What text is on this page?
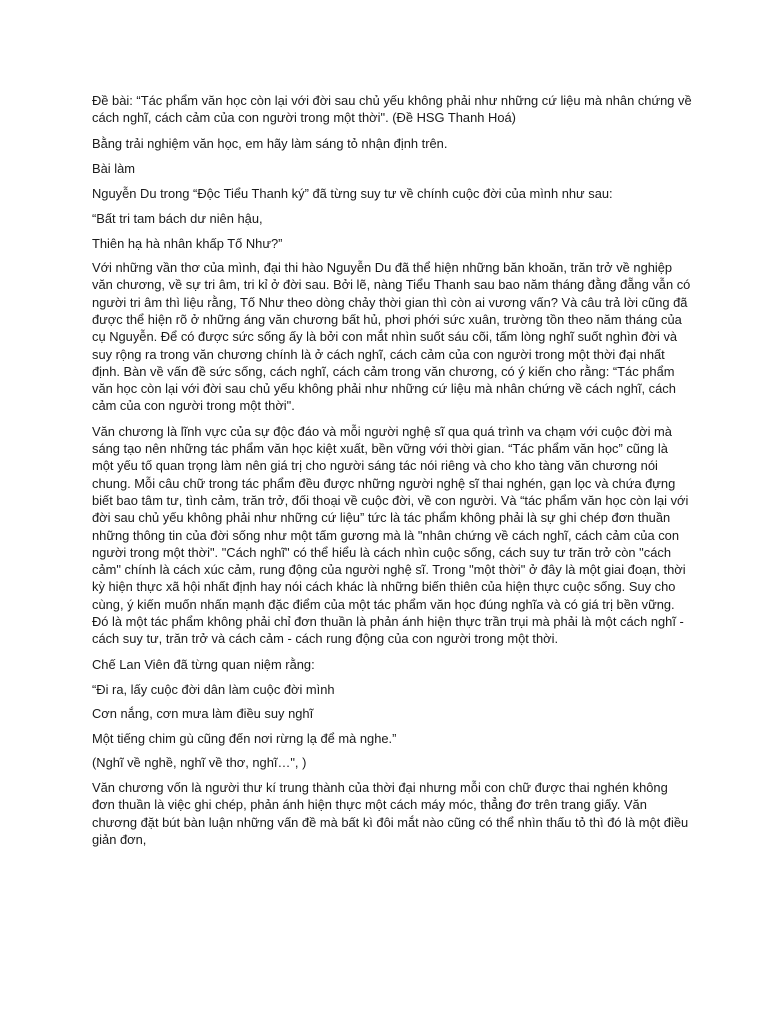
Đề bài: “Tác phẩm văn học còn lại với đời sau chủ yếu không phải như những cứ liệu mà nhân chứng về cách nghĩ, cách cảm của con người trong một thời". (Đề HSG Thanh Hoá)

Bằng trải nghiệm văn học, em hãy làm sáng tỏ nhận định trên.

Bài làm

Nguyễn Du trong “Độc Tiểu Thanh ký” đã từng suy tư về chính cuộc đời của mình như sau:

“Bất tri tam bách dư niên hậu,

Thiên hạ hà nhân khấp Tố Như?”

Với những vần thơ của mình, đại thi hào Nguyễn Du đã thể hiện những băn khoăn, trăn trở về nghiệp văn chương, về sự tri âm, tri kỉ ở đời sau. Bởi lẽ, nàng Tiểu Thanh sau bao năm tháng đằng đẵng vẫn có người tri âm thì liệu rằng, Tố Như theo dòng chảy thời gian thì còn ai vương vấn? Và câu trả lời cũng đã được thể hiện rõ ở những áng văn chương bất hủ, phơi phới sức xuân, trường tồn theo năm tháng của cụ Nguyễn. Để có được sức sống ấy là bởi con mắt nhìn suốt sáu cõi, tấm lòng nghĩ suốt nghìn đời và suy rộng ra trong văn chương chính là ở cách nghĩ, cách cảm của con người trong một thời đại nhất định. Bàn về vấn đề sức sống, cách nghĩ, cách cảm trong văn chương, có ý kiến cho rằng: “Tác phẩm văn học còn lại với đời sau chủ yếu không phải như những cứ liệu mà nhân chứng về cách nghĩ, cách cảm của con người trong một thời".

Văn chương là lĩnh vực của sự độc đáo và mỗi người nghệ sĩ qua quá trình va chạm với cuộc đời mà sáng tạo nên những tác phẩm văn học kiệt xuất, bền vững với thời gian. “Tác phẩm văn học” cũng là một yếu tố quan trọng làm nên giá trị cho người sáng tác nói riêng và cho kho tàng văn chương nói chung. Mỗi câu chữ trong tác phẩm đều được những người nghệ sĩ thai nghén, gạn lọc và chứa đựng biết bao tâm tư, tình cảm, trăn trở, đối thoại về cuộc đời, về con người. Và “tác phẩm văn học còn lại với đời sau chủ yếu không phải như những cứ liệu” tức là tác phẩm không phải là sự ghi chép đơn thuần những thông tin của đời sống như một tấm gương mà là "nhân chứng về cách nghĩ, cách cảm của con người trong một thời". "Cách nghĩ" có thể hiểu là cách nhìn cuộc sống, cách suy tư trăn trở còn "cách cảm" chính là cách xúc cảm, rung động của người nghệ sĩ. Trong "một thời" ở đây là một giai đoạn, thời kỳ hiện thực xã hội nhất định hay nói cách khác là những biến thiên của hiện thực cuộc sống. Suy cho cùng, ý kiến muốn nhấn mạnh đặc điểm của một tác phẩm văn học đúng nghĩa và có giá trị bền vững. Đó là một tác phẩm không phải chỉ đơn thuần là phản ánh hiện thực trần trụi mà phải là một cách nghĩ - cách suy tư, trăn trở và cách cảm - cách rung động của con người trong một thời.

Chế Lan Viên đã từng quan niệm rằng:

“Đi ra, lấy cuộc đời dân làm cuộc đời mình

Cơn nắng, cơn mưa làm điều suy nghĩ

Một tiếng chim gù cũng đến nơi rừng lạ để mà nghe.”

(Nghĩ về nghề, nghĩ về thơ, nghĩ…", )

Văn chương vốn là người thư kí trung thành của thời đại nhưng mỗi con chữ được thai nghén không đơn thuần là việc ghi chép, phản ánh hiện thực một cách máy móc, thẳng đơ trên trang giấy. Văn chương đặt bút bàn luận những vấn đề mà bất kì đôi mắt nào cũng có thể nhìn thấu tỏ thì đó là một điều giản đơn,
